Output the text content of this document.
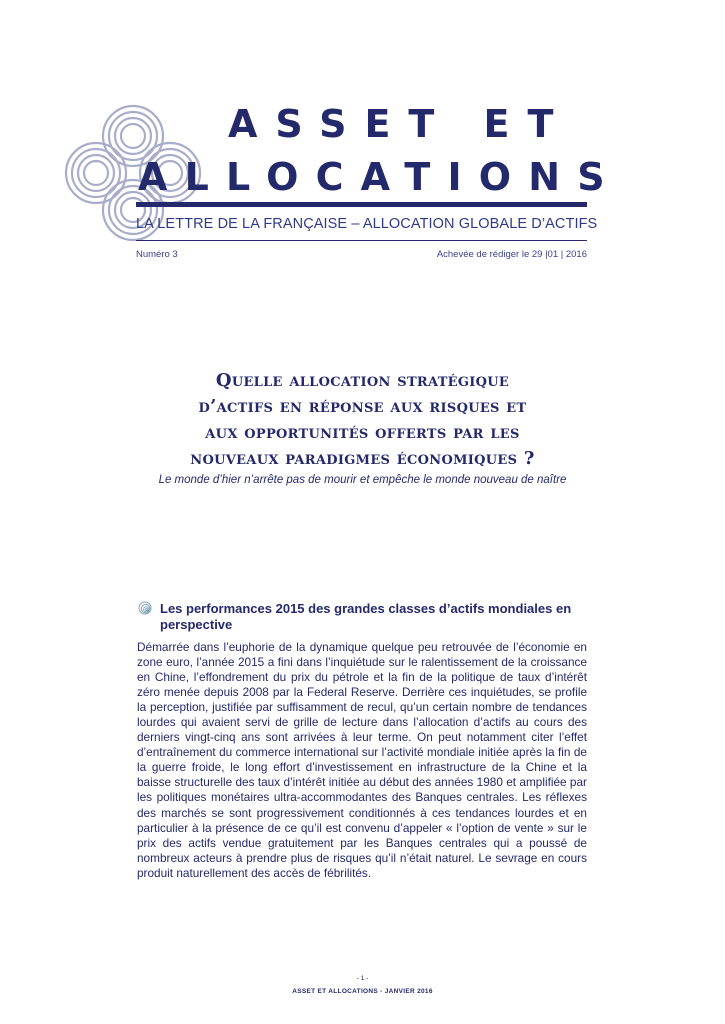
ASSET ET
ALLOCATIONS
LA LETTRE DE LA FRANÇAISE – ALLOCATION GLOBALE D’ACTIFS
Numéro 3	Achevée de rédiger le 29 |01 | 2016
Quelle allocation stratégique
d’actifs en réponse aux risques et
aux opportunités offerts par les
nouveaux paradigmes économiques ?
Le monde d’hier n’arrête pas de mourir et empêche le monde nouveau de naître
Les performances 2015 des grandes classes d’actifs mondiales en perspective

Démarrée dans l’euphorie de la dynamique quelque peu retrouvée de l’économie en zone euro, l’année 2015 a fini dans l’inquiétude sur le ralentissement de la croissance en Chine, l’effondrement du prix du pétrole et la fin de la politique de taux d’intérêt zéro menée depuis 2008 par la Federal Reserve. Derrière ces inquiétudes, se profile la perception, justifiée par suffisamment de recul, qu’un certain nombre de tendances lourdes qui avaient servi de grille de lecture dans l’allocation d’actifs au cours des derniers vingt-cinq ans sont arrivées à leur terme. On peut notamment citer l’effet d’entraînement du commerce international sur l’activité mondiale initiée après la fin de la guerre froide, le long effort d’investissement en infrastructure de la Chine et la baisse structurelle des taux d’intérêt initiée au début des années 1980 et amplifiée par les politiques monétaires ultra-accommodantes des Banques centrales. Les réflexes des marchés se sont progressivement conditionnés à ces tendances lourdes et en particulier à la présence de ce qu’il est convenu d’appeler « l’option de vente » sur le prix des actifs vendue gratuitement par les Banques centrales qui a poussé de nombreux acteurs à prendre plus de risques qu’il n’était naturel. Le sevrage en cours produit naturellement des accès de fébrilités.

- 1 -
ASSET ET ALLOCATIONS - JANVIER 2016
